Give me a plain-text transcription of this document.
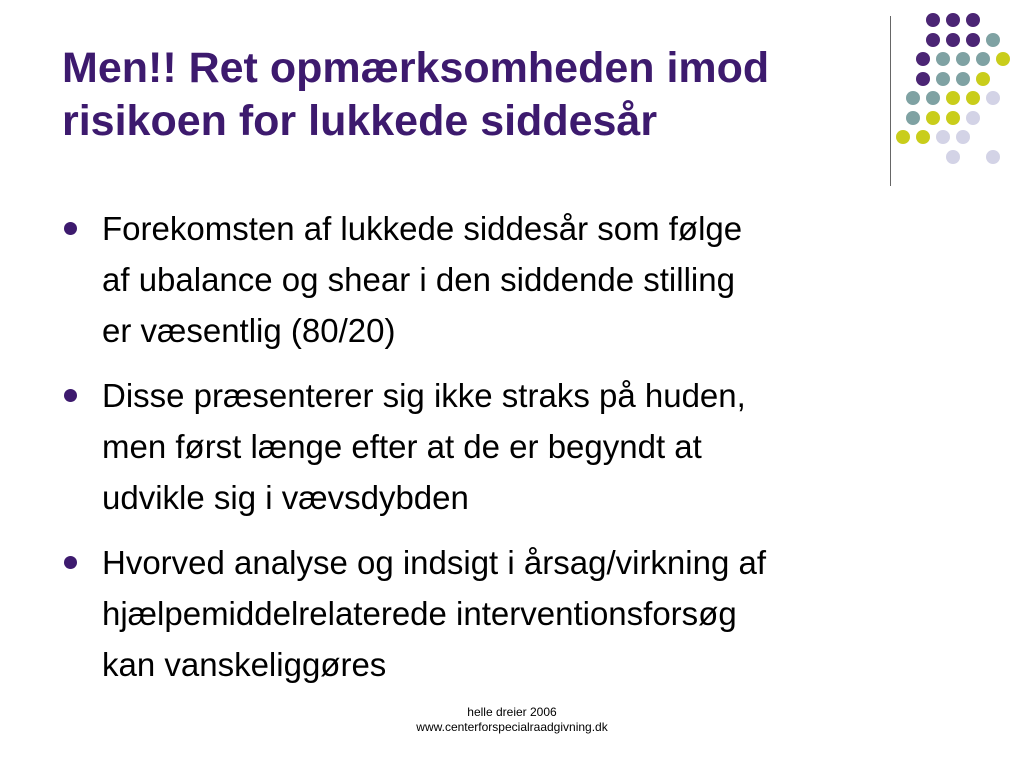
Men!! Ret opmærksomheden imod
risikoen for lukkede siddesår
Forekomsten af lukkede siddesår som følge
af ubalance og shear i den siddende stilling
er væsentlig (80/20)
Disse præsenterer sig ikke straks på huden,
men først længe efter at de er begyndt at
udvikle sig i vævsdybden
Hvorved analyse og indsigt i årsag/virkning af
hjælpemiddelrelaterede interventionsforsøg
kan vanskeliggøres
helle dreier 2006
www.centerforspecialraadgivning.dk
